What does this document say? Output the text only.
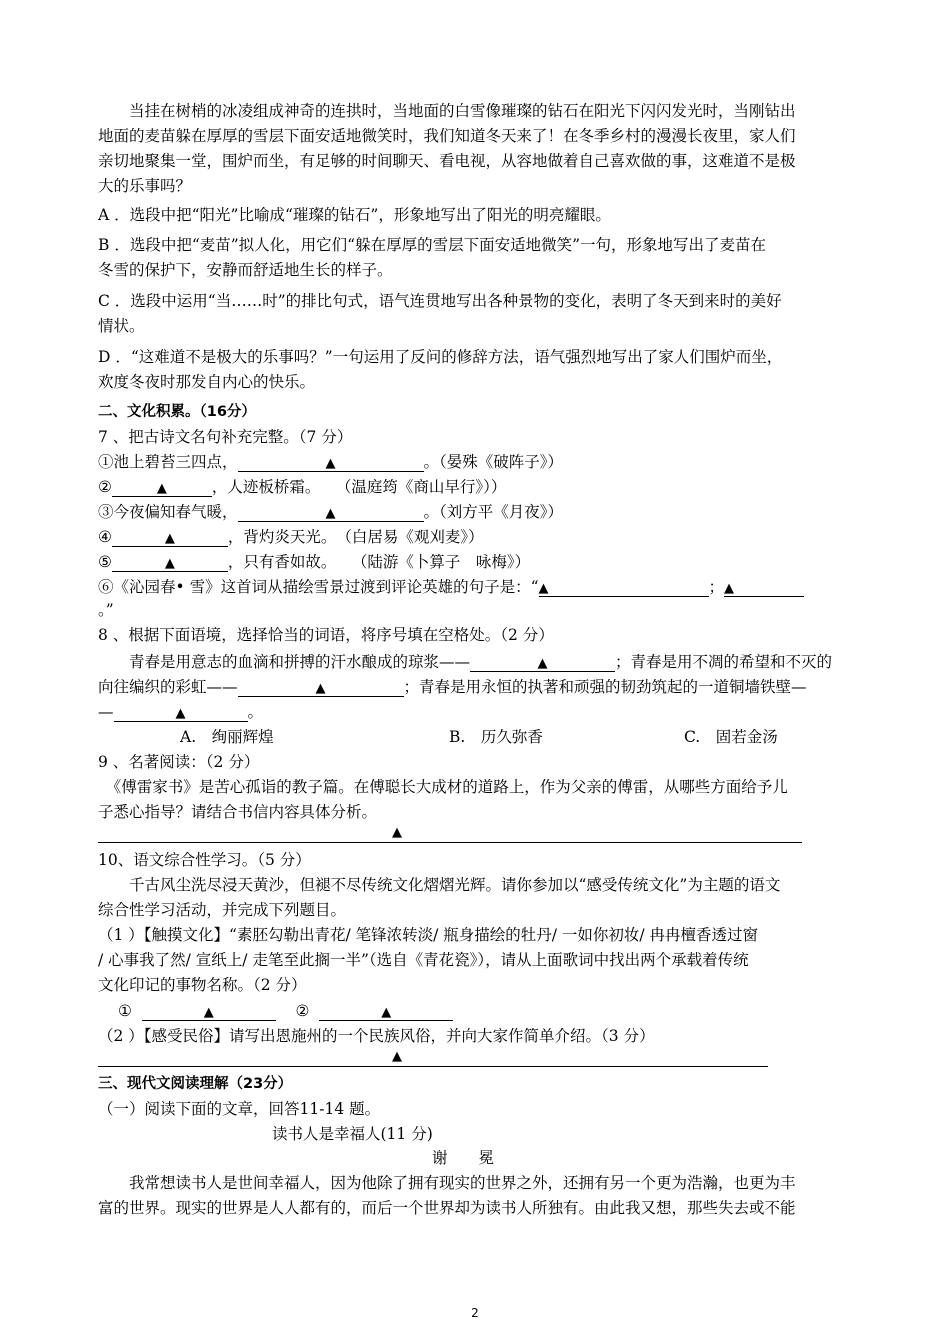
　　当挂在树梢的冰凌组成神奇的连拱时，当地面的白雪像璀璨的钻石在阳光下闪闪发光时，当刚钻出
地面的麦苗躲在厚厚的雪层下面安适地微笑时，我们知道冬天来了！在冬季乡村的漫漫长夜里，家人们
亲切地聚集一堂，围炉而坐，有足够的时间聊天、看电视，从容地做着自己喜欢做的事，这难道不是极
大的乐事吗？
A ．选段中把“阳光”比喻成“璀璨的钻石”，形象地写出了阳光的明亮耀眼。
B ．选段中把“麦苗”拟人化，用它们“躲在厚厚的雪层下面安适地微笑”一句，形象地写出了麦苗在
冬雪的保护下，安静而舒适地生长的样子。
C ．选段中运用“当……时”的排比句式，语气连贯地写出各种景物的变化，表明了冬天到来时的美好
情状。
D ．“这难道不是极大的乐事吗？”一句运用了反问的修辞方法，语气强烈地写出了家人们围炉而坐，
欢度冬夜时那发自内心的快乐。
二、文化积累。（16分）
7 、把古诗文名句补充完整。（7 分）
①池上碧苔三四点，	▲	。（晏殊《破阵子》）
②	▲	，人迹板桥霜。　　（温庭筠《商山早行》））
③今夜偏知春气暖，	▲	。（刘方平《月夜》）
④	▲	，背灼炎天光。　（白居易《观刈麦》）
⑤	▲	，只有香如故。　　（陆游《卜算子　咏梅》）
⑥《沁园春• 雪》这首词从描绘雪景过渡到评论英雄的句子是：“▲	；▲
。”
8 、根据下面语境，选择恰当的词语，将序号填在空格处。（2 分）
　　青春是用意志的血滴和拼搏的汗水酿成的琼浆——	▲	；青春是用不凋的希望和不灭的
向往编织的彩虹——	▲	；青春是用永恒的执著和顽强的韧劲筑起的一道铜墙铁壁—
—	▲	。
A.　绚丽辉煌	B.　历久弥香	C.　固若金汤
9 、名著阅读：（2 分）
　《傅雷家书》是苦心孤诣的教子篇。在傅聪长大成材的道路上，作为父亲的傅雷，从哪些方面给予儿
子悉心指导？请结合书信内容具体分析。
▲
10、语文综合性学习。（5 分）
　　千古风尘洗尽浸天黄沙，但褪不尽传统文化熠熠光辉。请你参加以“感受传统文化”为主题的语文
综合性学习活动，并完成下列题目。
（1 ）【触摸文化】“素胚勾勒出青花/ 笔锋浓转淡/ 瓶身描绘的牡丹/ 一如你初妆/ 冉冉檀香透过窗
/ 心事我了然/ 宣纸上/ 走笔至此搁一半”（选自《青花瓷》），请从上面歌词中找出两个承载着传统
文化印记的事物名称。（2 分）
①	▲	②	▲
（2 ）【感受民俗】请写出恩施州的一个民族风俗，并向大家作简单介绍。（3 分）
▲
三、现代文阅读理解（23分）
（一）阅读下面的文章，回答11-14 题。
读书人是幸福人(11 分)
谢　　冕
　　我常想读书人是世间幸福人，因为他除了拥有现实的世界之外，还拥有另一个更为浩瀚，也更为丰
富的世界。现实的世界是人人都有的，而后一个世界却为读书人所独有。由此我又想，那些失去或不能
2
